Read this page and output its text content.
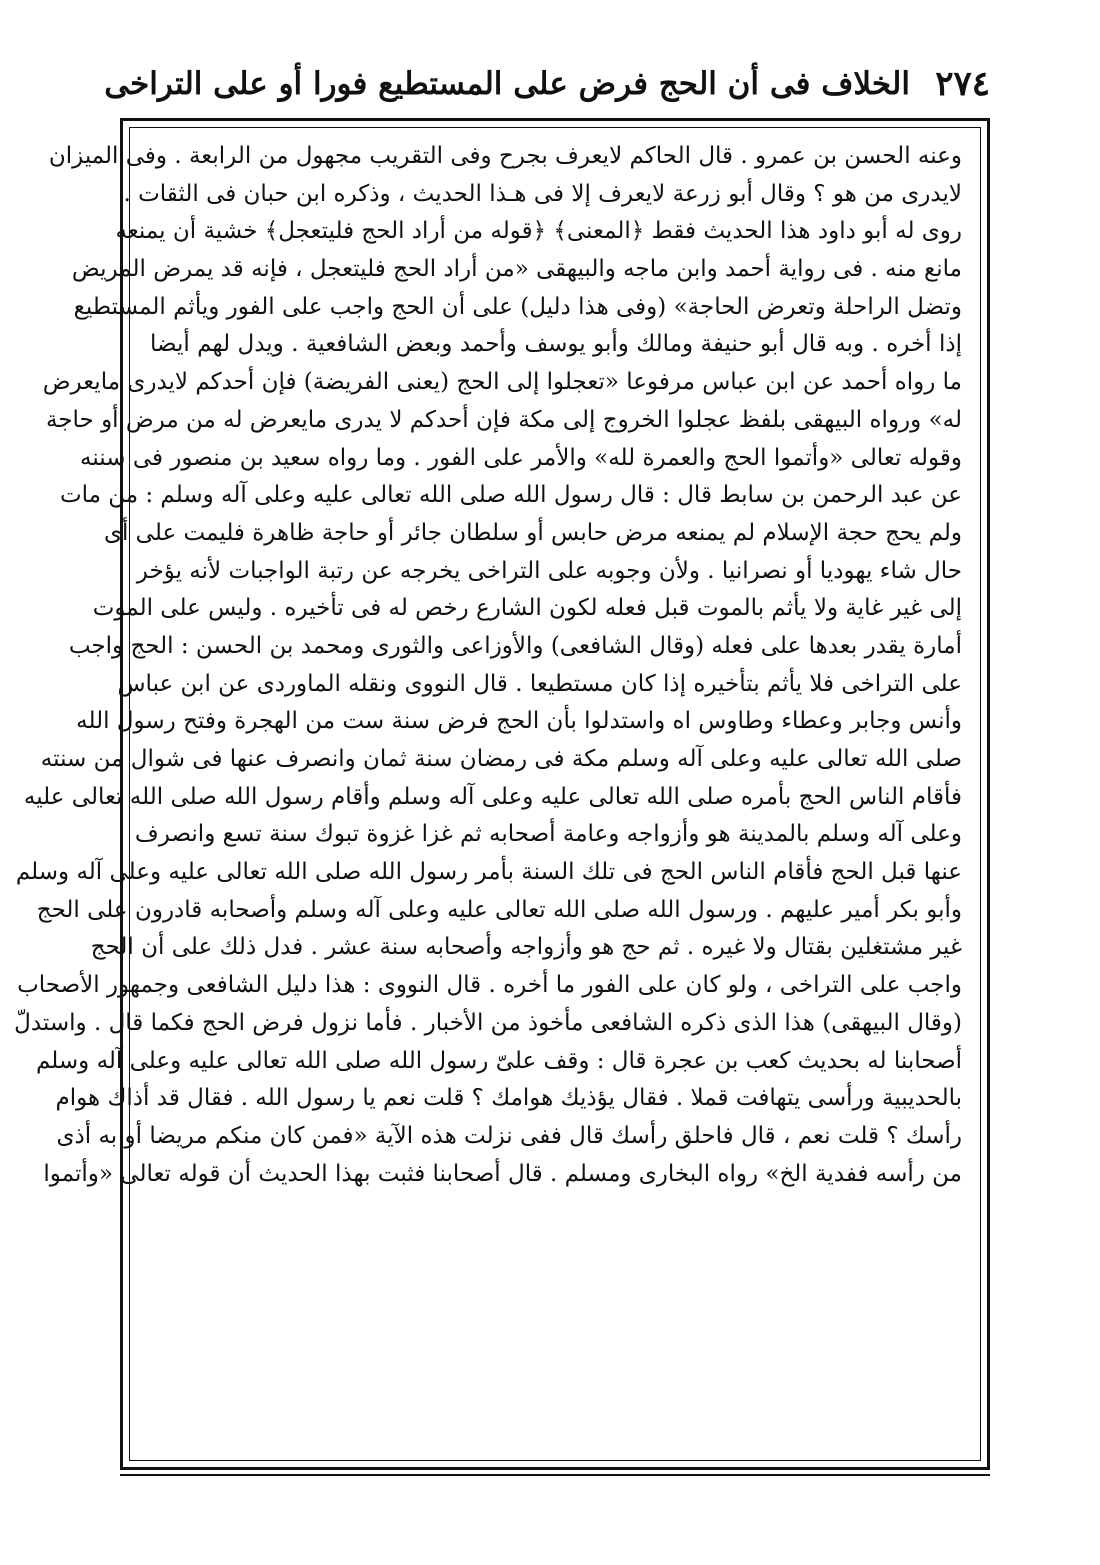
٢٧٤
الخلاف فى أن الحج فرض على المستطيع فورا أو على التراخى
وعنه الحسن بن عمرو . قال الحاكم لايعرف بجرح وفى التقريب مجهول من الرابعة . وفى الميزان
لايدرى من هو ؟ وقال أبو زرعة لايعرف إلا فى هـذا الحديث ، وذكره ابن حبان فى الثقات .
روى له أبو داود هذا الحديث فقط ﴿المعنى﴾ ﴿قوله من أراد الحج فليتعجل﴾ خشية أن يمنعه
مانع منه . فى رواية أحمد وابن ماجه والبيهقى «من أراد الحج فليتعجل ، فإنه قد يمرض المريض
وتضل الراحلة وتعرض الحاجة» (وفى هذا دليل) على أن الحج واجب على الفور ويأثم المستطيع
إذا أخره . وبه قال أبو حنيفة ومالك وأبو يوسف وأحمد وبعض الشافعية . ويدل لهم أيضا
ما رواه أحمد عن ابن عباس مرفوعا «تعجلوا إلى الحج (يعنى الفريضة) فإن أحدكم لايدرى مايعرض
له» ورواه البيهقى بلفظ عجلوا الخروج إلى مكة فإن أحدكم لا يدرى مايعرض له من مرض أو حاجة
وقوله تعالى «وأتموا الحج والعمرة لله» والأمر على الفور . وما رواه سعيد بن منصور فى سننه
عن عبد الرحمن بن سابط قال : قال رسول الله صلى الله تعالى عليه وعلى آله وسلم : من مات
ولم يحج حجة الإسلام لم يمنعه مرض حابس أو سلطان جائر أو حاجة ظاهرة فليمت على أى
حال شاء يهوديا أو نصرانيا . ولأن وجوبه على التراخى يخرجه عن رتبة الواجبات لأنه يؤخر
إلى غير غاية ولا يأثم بالموت قبل فعله لكون الشارع رخص له فى تأخيره . وليس على الموت
أمارة يقدر بعدها على فعله (وقال الشافعى) والأوزاعى والثورى ومحمد بن الحسن : الحج واجب
على التراخى فلا يأثم بتأخيره إذا كان مستطيعا . قال النووى ونقله الماوردى عن ابن عباس
وأنس وجابر وعطاء وطاوس اه واستدلوا بأن الحج فرض سنة ست من الهجرة وفتح رسول الله
صلى الله تعالى عليه وعلى آله وسلم مكة فى رمضان سنة ثمان وانصرف عنها فى شوال من سنته
فأقام الناس الحج بأمره صلى الله تعالى عليه وعلى آله وسلم وأقام رسول الله صلى الله تعالى عليه
وعلى آله وسلم بالمدينة هو وأزواجه وعامة أصحابه ثم غزا غزوة تبوك سنة تسع وانصرف
عنها قبل الحج فأقام الناس الحج فى تلك السنة بأمر رسول الله صلى الله تعالى عليه وعلى آله وسلم
وأبو بكر أمير عليهم . ورسول الله صلى الله تعالى عليه وعلى آله وسلم وأصحابه قادرون على الحج
غير مشتغلين بقتال ولا غيره . ثم حج هو وأزواجه وأصحابه سنة عشر . فدل ذلك على أن الحج
واجب على التراخى ، ولو كان على الفور ما أخره . قال النووى : هذا دليل الشافعى وجمهور الأصحاب
(وقال البيهقى) هذا الذى ذكره الشافعى مأخوذ من الأخبار . فأما نزول فرض الحج فكما قال . واستدلّ
أصحابنا له بحديث كعب بن عجرة قال : وقف علىّ رسول الله صلى الله تعالى عليه وعلى آله وسلم
بالحديبية ورأسى يتهافت قملا . فقال يؤذيك هوامك ؟ قلت نعم يا رسول الله . فقال قد أذاك هوام
رأسك ؟ قلت نعم ، قال فاحلق رأسك قال ففى نزلت هذه الآية «فمن كان منكم مريضا أو به أذى
من رأسه ففدية الخ» رواه البخارى ومسلم . قال أصحابنا فثبت بهذا الحديث أن قوله تعالى «وأتموا
